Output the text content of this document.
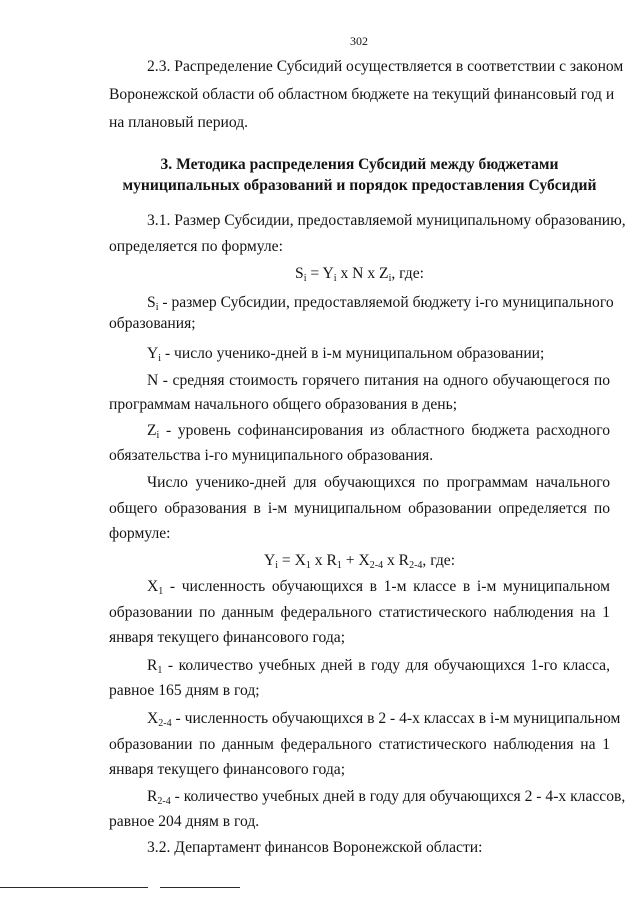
302
2.3. Распределение Субсидий осуществляется в соответствии с законом
Воронежской области об областном бюджете на текущий финансовый год и
на плановый период.
3. Методика распределения Субсидий между бюджетами
муниципальных образований и порядок предоставления Субсидий
3.1. Размер Субсидии, предоставляемой муниципальному образованию,
определяется по формуле:
$S_i = Y_i$ x N x $Z_i$, где:
$S_i$ - размер Субсидии, предоставляемой бюджету i-го муниципального
образования;
$Y_i$ - число ученико-дней в i-м муниципальном образовании;
N - средняя стоимость горячего питания на одного обучающегося по
программам начального общего образования в день;
$Z_i$ - уровень софинансирования из областного бюджета расходного
обязательства i-го муниципального образования.
Число ученико-дней для обучающихся по программам начального
общего образования в i-м муниципальном образовании определяется по
формуле:
$Y_i = X_1$ x $R_1 + X_{2-4}$ x $R_{2-4}$, где:
$X_1$ - численность обучающихся в 1-м классе в i-м муниципальном
образовании по данным федерального статистического наблюдения на 1
января текущего финансового года;
$R_1$ - количество учебных дней в году для обучающихся 1-го класса,
равное 165 дням в год;
$X_{2-4}$ - численность обучающихся в 2 - 4-х классах в i-м муниципальном
образовании по данным федерального статистического наблюдения на 1
января текущего финансового года;
$R_{2-4}$ - количество учебных дней в году для обучающихся 2 - 4-х классов,
равное 204 дням в год.
3.2. Департамент финансов Воронежской области:
